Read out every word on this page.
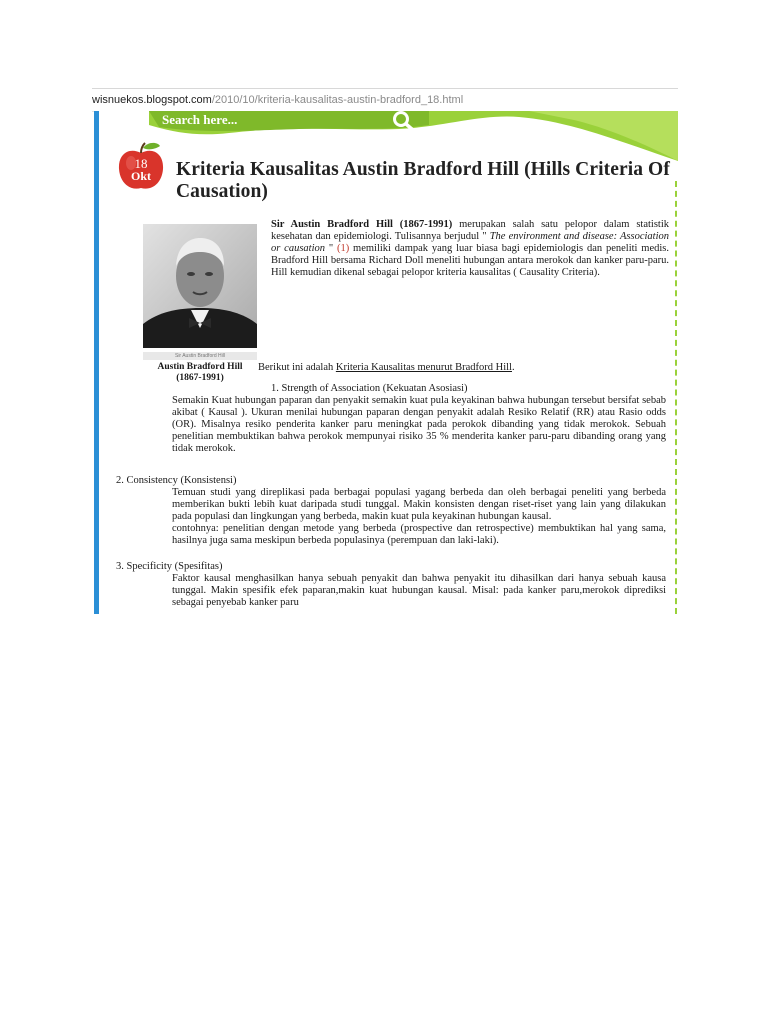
wisnuekos.blogspot.com/2010/10/kriteria-kausalitas-austin-bradford_18.html
Search here...
18
Okt	Kriteria Kausalitas Austin Bradford Hill (Hills Criteria Of Causation)
Sir Austin Bradford Hill

Austin Bradford Hill

(1867-1991)

Sir Austin Bradford Hill (1867-1991) merupakan salah satu pelopor dalam statistik kesehatan dan epidemiologi. Tulisannya berjudul " The environment and disease: Association or causation " (1) memiliki dampak yang luar biasa bagi epidemiologis dan peneliti medis. Bradford Hill bersama Richard Doll meneliti hubungan antara merokok dan kanker paru-paru. Hill kemudian dikenal sebagai pelopor kriteria kausalitas ( Causality Criteria).
Berikut ini adalah Kriteria Kausalitas menurut Bradford Hill.
1. Strength of Association (Kekuatan Asosiasi)
Semakin Kuat hubungan paparan dan penyakit semakin kuat pula keyakinan bahwa hubungan tersebut bersifat sebab akibat ( Kausal ). Ukuran menilai hubungan paparan dengan penyakit adalah Resiko Relatif (RR) atau Rasio odds (OR). Misalnya resiko penderita kanker paru meningkat pada perokok dibanding yang tidak merokok. Sebuah penelitian membuktikan bahwa perokok mempunyai risiko 35 % menderita kanker paru-paru dibanding orang yang tidak merokok.
2. Consistency (Konsistensi)

Temuan studi yang direplikasi pada berbagai populasi yagang berbeda dan oleh berbagai peneliti yang berbeda memberikan bukti lebih kuat daripada studi tunggal. Makin konsisten dengan riset-riset yang lain yang dilakukan pada populasi dan lingkungan yang berbeda, makin kuat pula keyakinan hubungan kausal.

contohnya: penelitian dengan metode yang berbeda (prospective dan retrospective) membuktikan hal yang sama, hasilnya juga sama meskipun berbeda populasinya (perempuan dan laki-laki).

3. Specificity (Spesifitas)
Faktor kausal menghasilkan hanya sebuah penyakit dan bahwa penyakit itu dihasilkan dari hanya sebuah kausa tunggal. Makin spesifik efek paparan,makin kuat hubungan kausal. Misal: pada kanker paru,merokok diprediksi sebagai penyebab kanker paru
